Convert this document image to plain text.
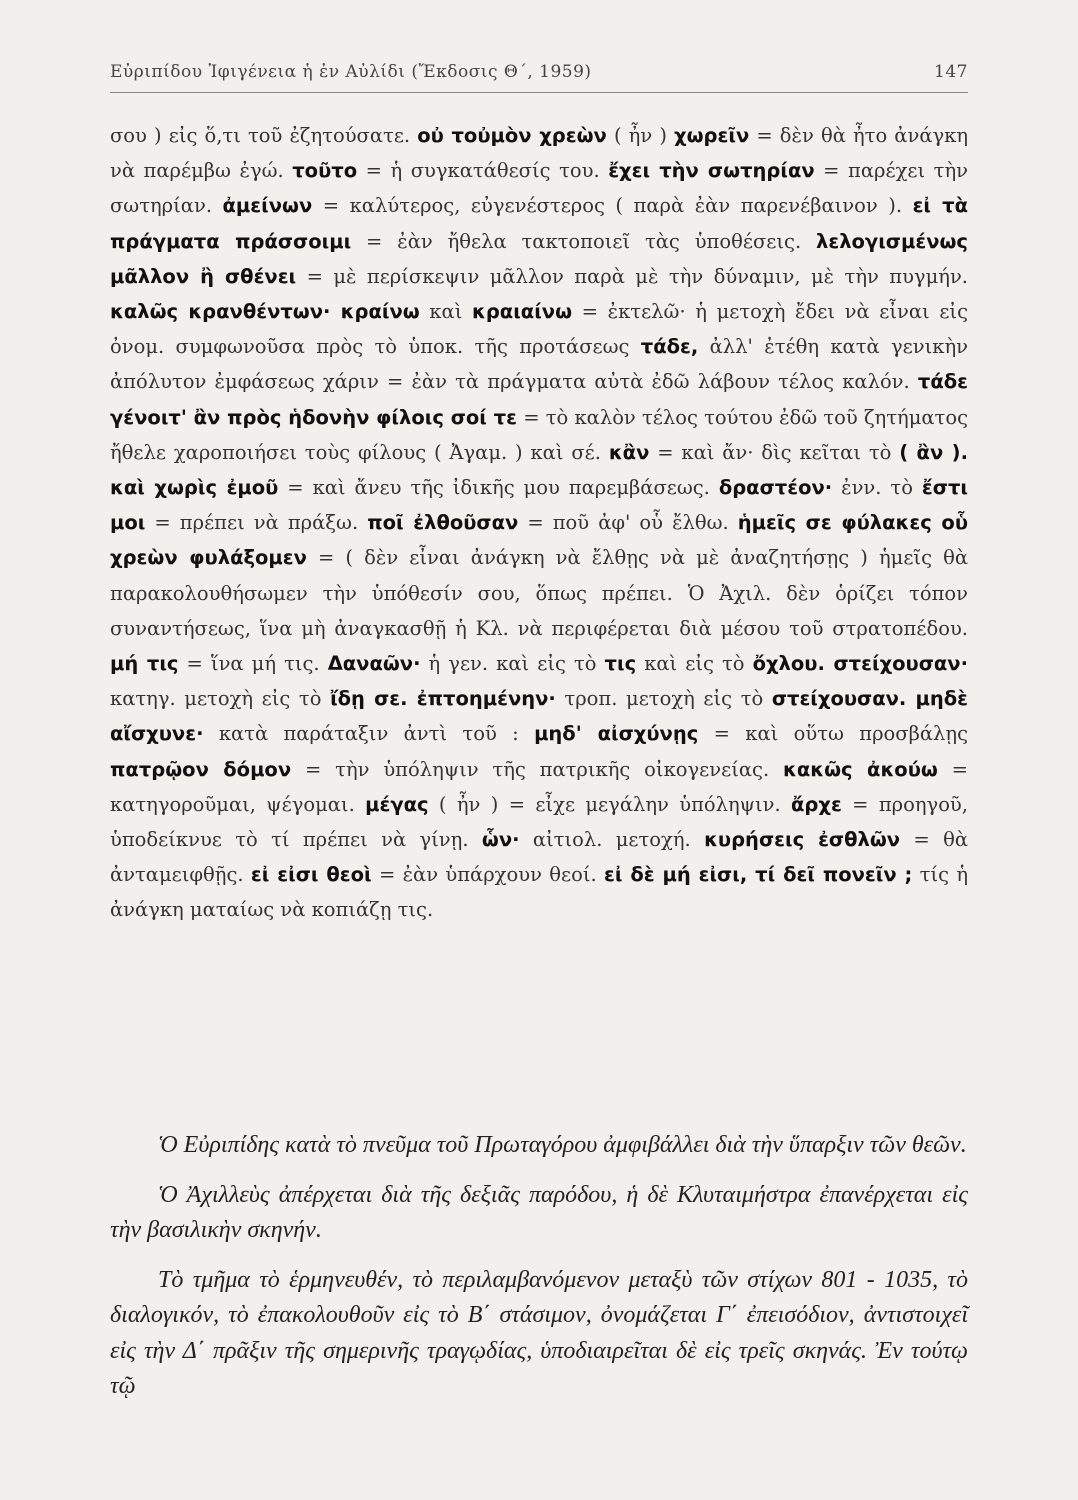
Εὐριπίδου Ἰφιγένεια ἡ ἐν Αὐλίδι (Ἔκδοσις Θ΄, 1959)	147

σου ) εἰς ὅ,τι τοῦ ἐζητούσατε. οὐ τοὐμὸν χρεὼν ( ἦν ) χωρεῖν = δὲν θὰ ἦτο ἀνάγκη νὰ παρέμβω ἐγώ. τοῦτο = ἡ συγκατάθεσίς του. ἔχει τὴν σωτηρίαν = παρέχει τὴν σωτηρίαν. ἀμείνων = καλύτερος, εὐγενέστερος ( παρὰ ἐὰν παρενέβαινον ). εἰ τὰ πράγματα πράσσοιμι = ἐὰν ἤθελα τακτοποιεῖ τὰς ὑποθέσεις. λελογισμένως μᾶλλον ἢ σθένει = μὲ περίσκεψιν μᾶλλον παρὰ μὲ τὴν δύναμιν, μὲ τὴν πυγμήν. καλῶς κρανθέντων· κραίνω καὶ κραιαίνω = ἐκτελῶ· ἡ μετοχὴ ἔδει νὰ εἶναι εἰς ὀνομ. συμφωνοῦσα πρὸς τὸ ὑποκ. τῆς προτάσεως τάδε, ἀλλ' ἐτέθη κατὰ γενικὴν ἀπόλυτον ἐμφάσεως χάριν = ἐὰν τὰ πράγματα αὐτὰ ἐδῶ λάβουν τέλος καλόν. τάδε γένοιτ' ἂν πρὸς ἡδονὴν φίλοις σοί τε = τὸ καλὸν τέλος τούτου ἐδῶ τοῦ ζητήματος ἤθελε χαροποιήσει τοὺς φίλους ( Ἀγαμ. ) καὶ σέ. κἂν = καὶ ἄν· δὶς κεῖται τὸ ( ἂν ). καὶ χωρὶς ἐμοῦ = καὶ ἄνευ τῆς ἰδικῆς μου παρεμβάσεως. δραστέον· ἐνν. τὸ ἔστι μοι = πρέπει νὰ πράξω. ποῖ ἐλθοῦσαν = ποῦ ἀφ' οὗ ἔλθω. ἡμεῖς σε φύλακες οὗ χρεὼν φυλάξομεν = ( δὲν εἶναι ἀνάγκη νὰ ἔλθῃς νὰ μὲ ἀναζητήσῃς ) ἡμεῖς θὰ παρακολουθήσωμεν τὴν ὑπόθεσίν σου, ὅπως πρέπει. Ὁ Ἀχιλ. δὲν ὁρίζει τόπον συναντήσεως, ἵνα μὴ ἀναγκασθῇ ἡ Κλ. νὰ περιφέρεται διὰ μέσου τοῦ στρατοπέδου. μή τις = ἵνα μή τις. Δαναῶν· ἡ γεν. καὶ εἰς τὸ τις καὶ εἰς τὸ ὄχλου. στείχουσαν· κατηγ. μετοχὴ εἰς τὸ ἴδῃ σε. ἐπτοημένην· τροπ. μετοχὴ εἰς τὸ στείχουσαν. μηδὲ αἴσχυνε· κατὰ παράταξιν ἀντὶ τοῦ : μηδ' αἰσχύνῃς = καὶ οὕτω προσβάλῃς πατρῷον δόμον = τὴν ὑπόληψιν τῆς πατρικῆς οἰκογενείας. κακῶς ἀκούω = κατηγοροῦμαι, ψέγομαι. μέγας ( ἦν ) = εἶχε μεγάλην ὑπόληψιν. ἄρχε = προηγοῦ, ὑποδείκνυε τὸ τί πρέπει νὰ γίνῃ. ὧν· αἰτιολ. μετοχή. κυρήσεις ἐσθλῶν = θὰ ἀνταμειφθῇς. εἰ εἰσι θεοὶ = ἐὰν ὑπάρχουν θεοί. εἰ δὲ μή εἰσι, τί δεῖ πονεῖν ; τίς ἡ ἀνάγκη ματαίως νὰ κοπιάζῃ τις.

Ὁ Εὐριπίδης κατὰ τὸ πνεῦμα τοῦ Πρωταγόρου ἀμφιβάλλει διὰ τὴν ὕπαρξιν τῶν θεῶν.

Ὁ Ἀχιλλεὺς ἀπέρχεται διὰ τῆς δεξιᾶς παρόδου, ἡ δὲ Κλυταιμήστρα ἐπανέρχεται εἰς τὴν βασιλικὴν σκηνήν.

Τὸ τμῆμα τὸ ἑρμηνευθέν, τὸ περιλαμβανόμενον μεταξὺ τῶν στίχων 801 - 1035, τὸ διαλογικόν, τὸ ἐπακολουθοῦν εἰς τὸ Β΄ στάσιμον, ὀνομάζεται Γ΄ ἐπεισόδιον, ἀντιστοιχεῖ εἰς τὴν Δ΄ πρᾶξιν τῆς σημερινῆς τραγῳδίας, ὑποδιαιρεῖται δὲ εἰς τρεῖς σκηνάς. Ἐν τούτῳ τῷ
